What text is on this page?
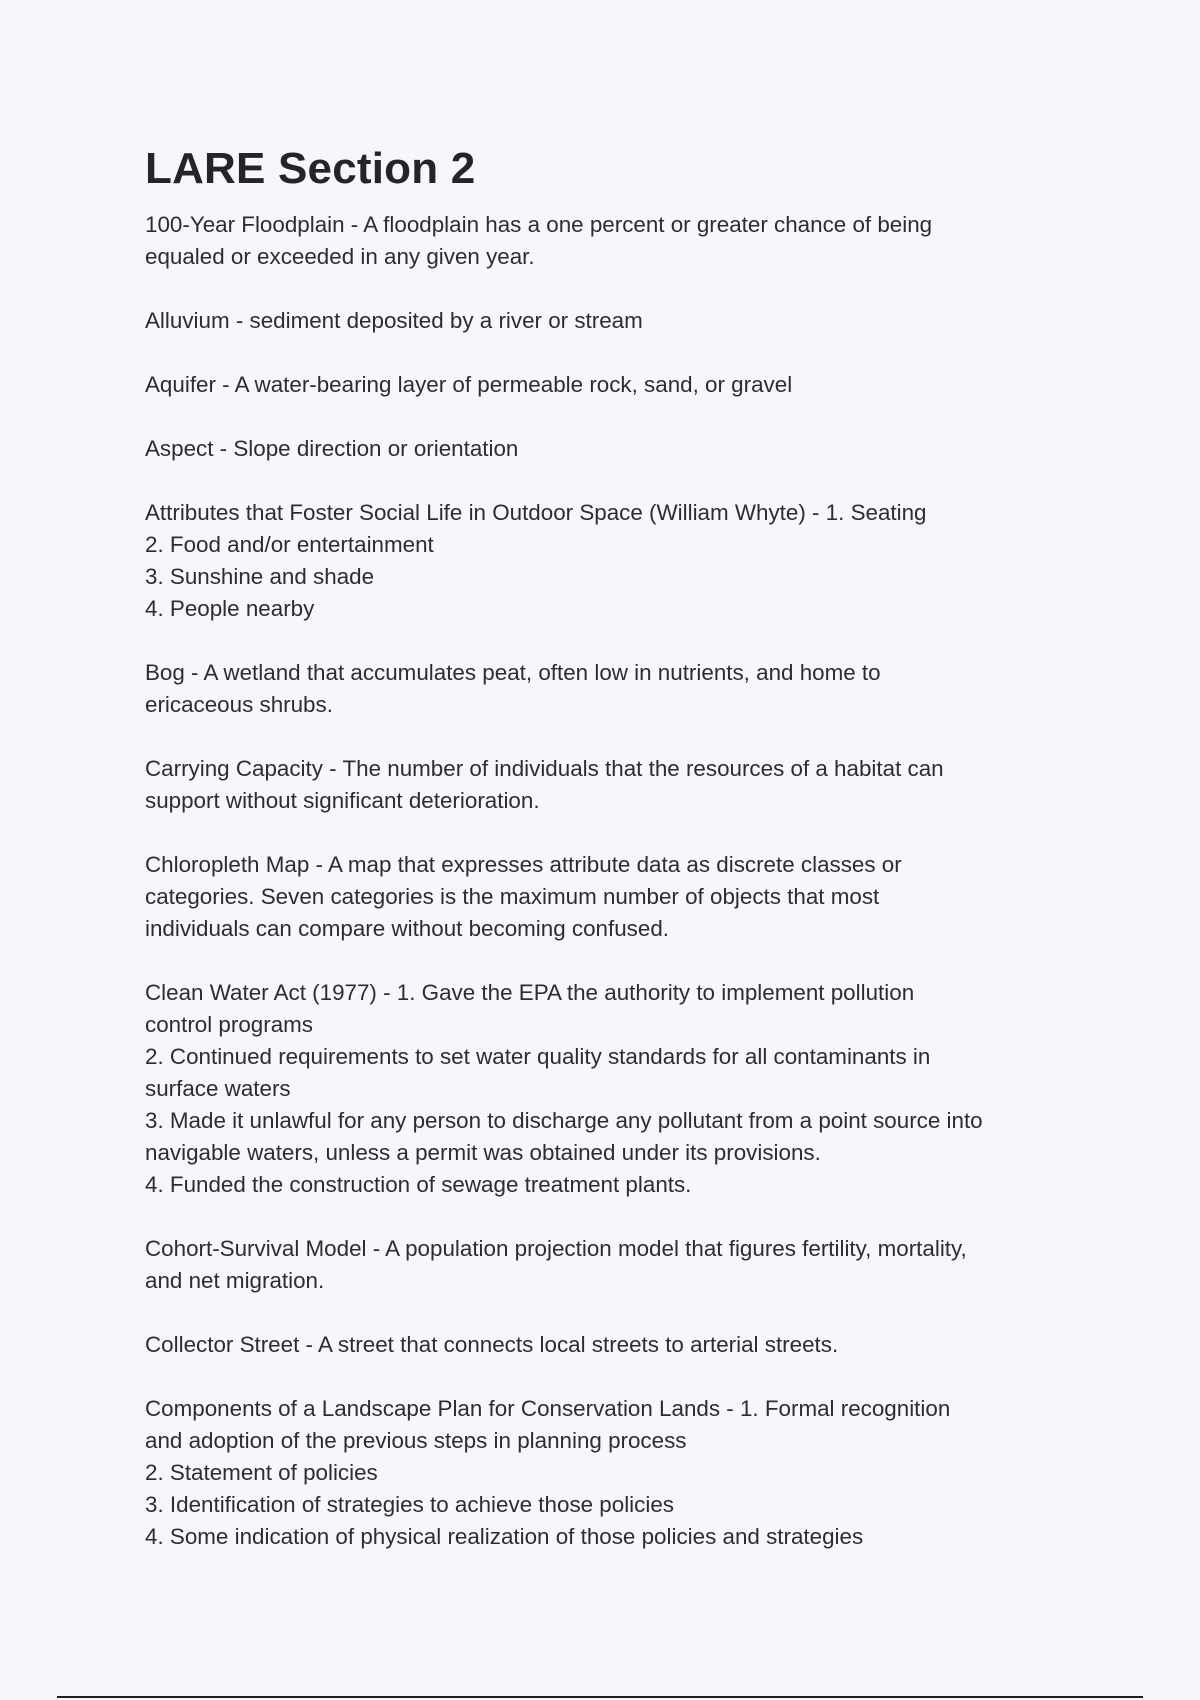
LARE Section 2

100-Year Floodplain - A floodplain has a one percent or greater chance of being
equaled or exceeded in any given year.

Alluvium - sediment deposited by a river or stream

Aquifer - A water-bearing layer of permeable rock, sand, or gravel

Aspect - Slope direction or orientation

Attributes that Foster Social Life in Outdoor Space (William Whyte) - 1. Seating
2. Food and/or entertainment
3. Sunshine and shade
4. People nearby

Bog - A wetland that accumulates peat, often low in nutrients, and home to
ericaceous shrubs.

Carrying Capacity - The number of individuals that the resources of a habitat can
support without significant deterioration.

Chloropleth Map - A map that expresses attribute data as discrete classes or
categories. Seven categories is the maximum number of objects that most
individuals can compare without becoming confused.

Clean Water Act (1977) - 1. Gave the EPA the authority to implement pollution
control programs
2. Continued requirements to set water quality standards for all contaminants in
surface waters
3. Made it unlawful for any person to discharge any pollutant from a point source into
navigable waters, unless a permit was obtained under its provisions.
4. Funded the construction of sewage treatment plants.

Cohort-Survival Model - A population projection model that figures fertility, mortality,
and net migration.

Collector Street - A street that connects local streets to arterial streets.

Components of a Landscape Plan for Conservation Lands - 1. Formal recognition
and adoption of the previous steps in planning process
2. Statement of policies
3. Identification of strategies to achieve those policies
4. Some indication of physical realization of those policies and strategies
